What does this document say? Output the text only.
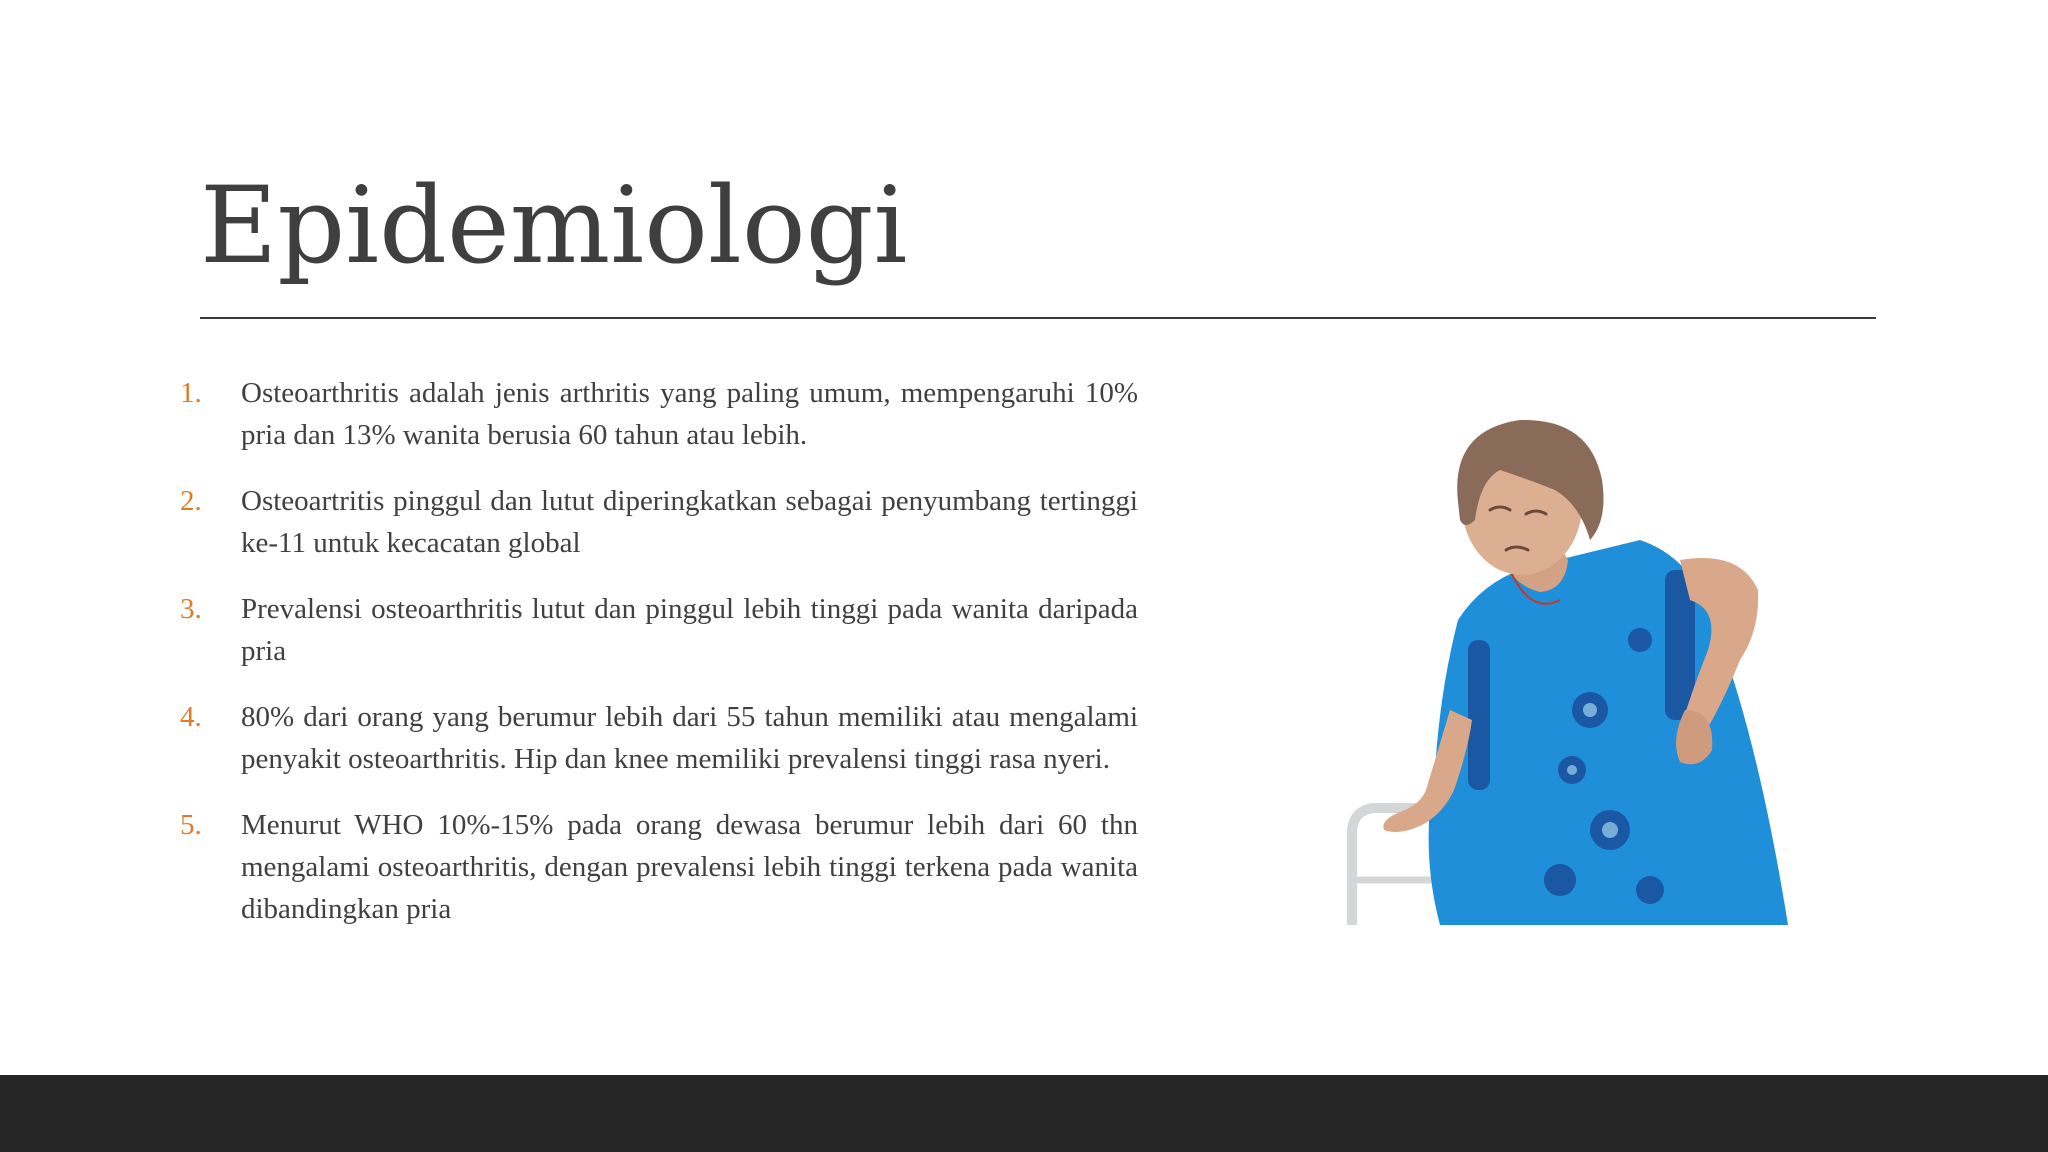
Epidemiologi
1.	Osteoarthritis adalah jenis arthritis yang paling umum, mempengaruhi 10% pria dan 13% wanita berusia 60 tahun atau lebih.
2.	Osteoartritis pinggul dan lutut diperingkatkan sebagai penyumbang tertinggi ke-11 untuk kecacatan global
3.	Prevalensi osteoarthritis lutut dan pinggul lebih tinggi pada wanita daripada pria
4.	80% dari orang yang berumur lebih dari 55 tahun memiliki atau mengalami penyakit osteoarthritis. Hip dan knee memiliki prevalensi tinggi rasa nyeri.
5.	Menurut WHO 10%-15% pada orang dewasa berumur lebih dari 60 thn mengalami osteoarthritis, dengan prevalensi lebih tinggi terkena pada wanita dibandingkan pria
